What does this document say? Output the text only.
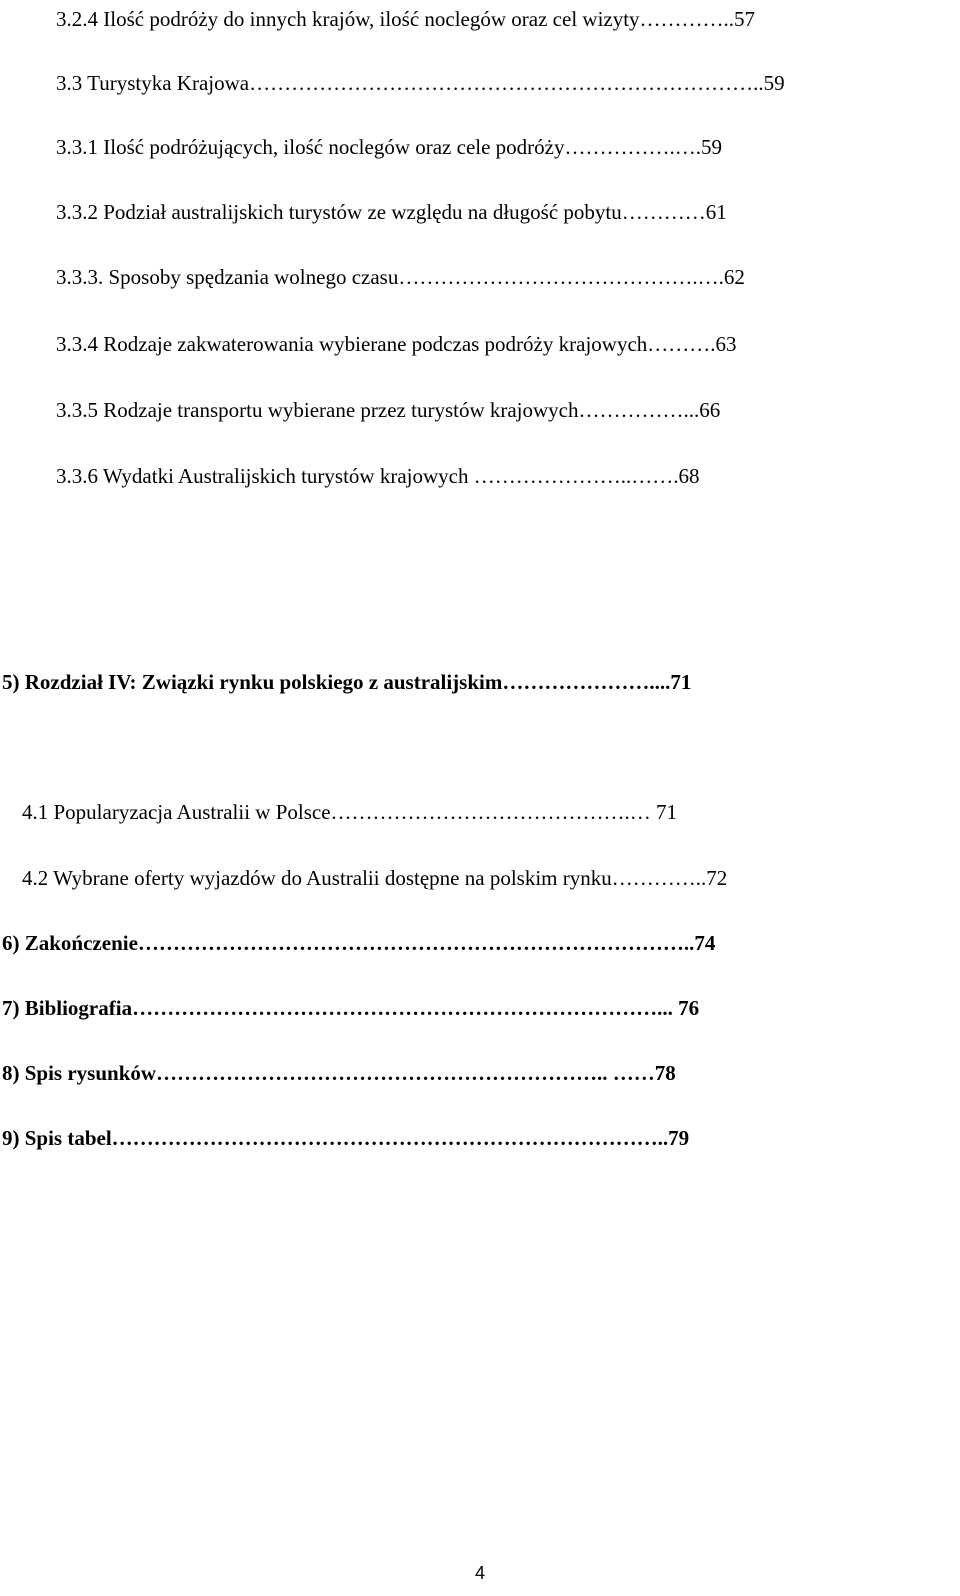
3.2.4 Ilość podróży do innych krajów, ilość noclegów oraz cel wizyty…………..57
3.3 Turystyka Krajowa………………………………………………………………..59
3.3.1 Ilość podróżujących, ilość noclegów oraz cele podróży…………….….59
3.3.2 Podział australijskich turystów ze względu na długość pobytu…………61
3.3.3. Sposoby spędzania wolnego czasu…………………………………….….62
3.3.4 Rodzaje zakwaterowania wybierane podczas podróży krajowych……….63
3.3.5 Rodzaje transportu wybierane przez turystów krajowych……………...66
3.3.6 Wydatki Australijskich turystów krajowych …………………..…….68
5) Rozdział IV: Związki rynku polskiego z australijskim…………………....71
4.1 Popularyzacja Australii w Polsce…………………………………….… 71
4.2 Wybrane oferty wyjazdów do Australii dostępne na polskim rynku…………..72
6) Zakończenie……………………………………………………………………..74
7) Bibliografia…………………………………………………………………... 76
8) Spis rysunków……………………………………………………….. ……78
9) Spis tabel……………………………………………………………………..79
4
